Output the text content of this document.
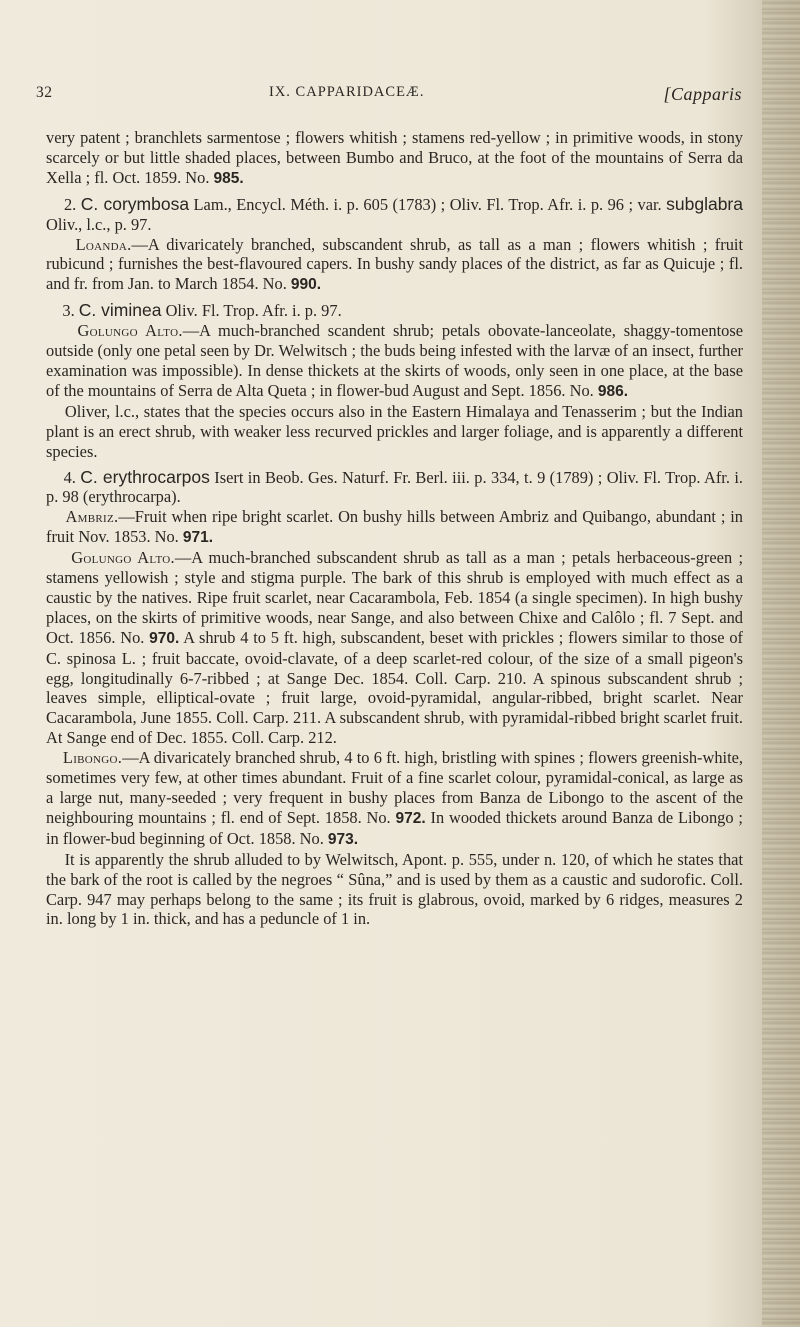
32	IX. CAPPARIDACEÆ.	[Capparis

very patent ; branchlets sarmentose ; flowers whitish ; stamens red-yellow ; in primitive woods, in stony scarcely or but little shaded places, between Bumbo and Bruco, at the foot of the mountains of Serra da Xella ; fl. Oct. 1859. No. 985.

2. C. corymbosa Lam., Encycl. Méth. i. p. 605 (1783) ; Oliv. Fl. Trop. Afr. i. p. 96 ; var. subglabra Oliv., l.c., p. 97.

Loanda.—A divaricately branched, subscandent shrub, as tall as a man ; flowers whitish ; fruit rubicund ; furnishes the best-flavoured capers. In bushy sandy places of the district, as far as Quicuje ; fl. and fr. from Jan. to March 1854. No. 990.

3. C. viminea Oliv. Fl. Trop. Afr. i. p. 97.

Golungo Alto.—A much-branched scandent shrub; petals obovate-lanceolate, shaggy-tomentose outside (only one petal seen by Dr. Welwitsch ; the buds being infested with the larvæ of an insect, further examination was impossible). In dense thickets at the skirts of woods, only seen in one place, at the base of the mountains of Serra de Alta Queta ; in flower-bud August and Sept. 1856. No. 986.

Oliver, l.c., states that the species occurs also in the Eastern Himalaya and Tenasserim ; but the Indian plant is an erect shrub, with weaker less recurved prickles and larger foliage, and is apparently a different species.

4. C. erythrocarpos Isert in Beob. Ges. Naturf. Fr. Berl. iii. p. 334, t. 9 (1789) ; Oliv. Fl. Trop. Afr. i. p. 98 (erythrocarpa).

Ambriz.—Fruit when ripe bright scarlet. On bushy hills between Ambriz and Quibango, abundant ; in fruit Nov. 1853. No. 971.

Golungo Alto.—A much-branched subscandent shrub as tall as a man ; petals herbaceous-green ; stamens yellowish ; style and stigma purple. The bark of this shrub is employed with much effect as a caustic by the natives. Ripe fruit scarlet, near Cacarambola, Feb. 1854 (a single specimen). In high bushy places, on the skirts of primitive woods, near Sange, and also between Chixe and Calôlo ; fl. 7 Sept. and Oct. 1856. No. 970. A shrub 4 to 5 ft. high, subscandent, beset with prickles ; flowers similar to those of C. spinosa L. ; fruit baccate, ovoid-clavate, of a deep scarlet-red colour, of the size of a small pigeon's egg, longitudinally 6-7-ribbed ; at Sange Dec. 1854. Coll. Carp. 210. A spinous subscandent shrub ; leaves simple, elliptical-ovate ; fruit large, ovoid-pyramidal, angular-ribbed, bright scarlet. Near Cacarambola, June 1855. Coll. Carp. 211. A subscandent shrub, with pyramidal-ribbed bright scarlet fruit. At Sange end of Dec. 1855. Coll. Carp. 212.

Libongo.—A divaricately branched shrub, 4 to 6 ft. high, bristling with spines ; flowers greenish-white, sometimes very few, at other times abundant. Fruit of a fine scarlet colour, pyramidal-conical, as large as a large nut, many-seeded ; very frequent in bushy places from Banza de Libongo to the ascent of the neighbouring mountains ; fl. end of Sept. 1858. No. 972. In wooded thickets around Banza de Libongo ; in flower-bud beginning of Oct. 1858. No. 973.

It is apparently the shrub alluded to by Welwitsch, Apont. p. 555, under n. 120, of which he states that the bark of the root is called by the negroes “ Sûna,” and is used by them as a caustic and sudorofic. Coll. Carp. 947 may perhaps belong to the same ; its fruit is glabrous, ovoid, marked by 6 ridges, measures 2 in. long by 1 in. thick, and has a peduncle of 1 in.
